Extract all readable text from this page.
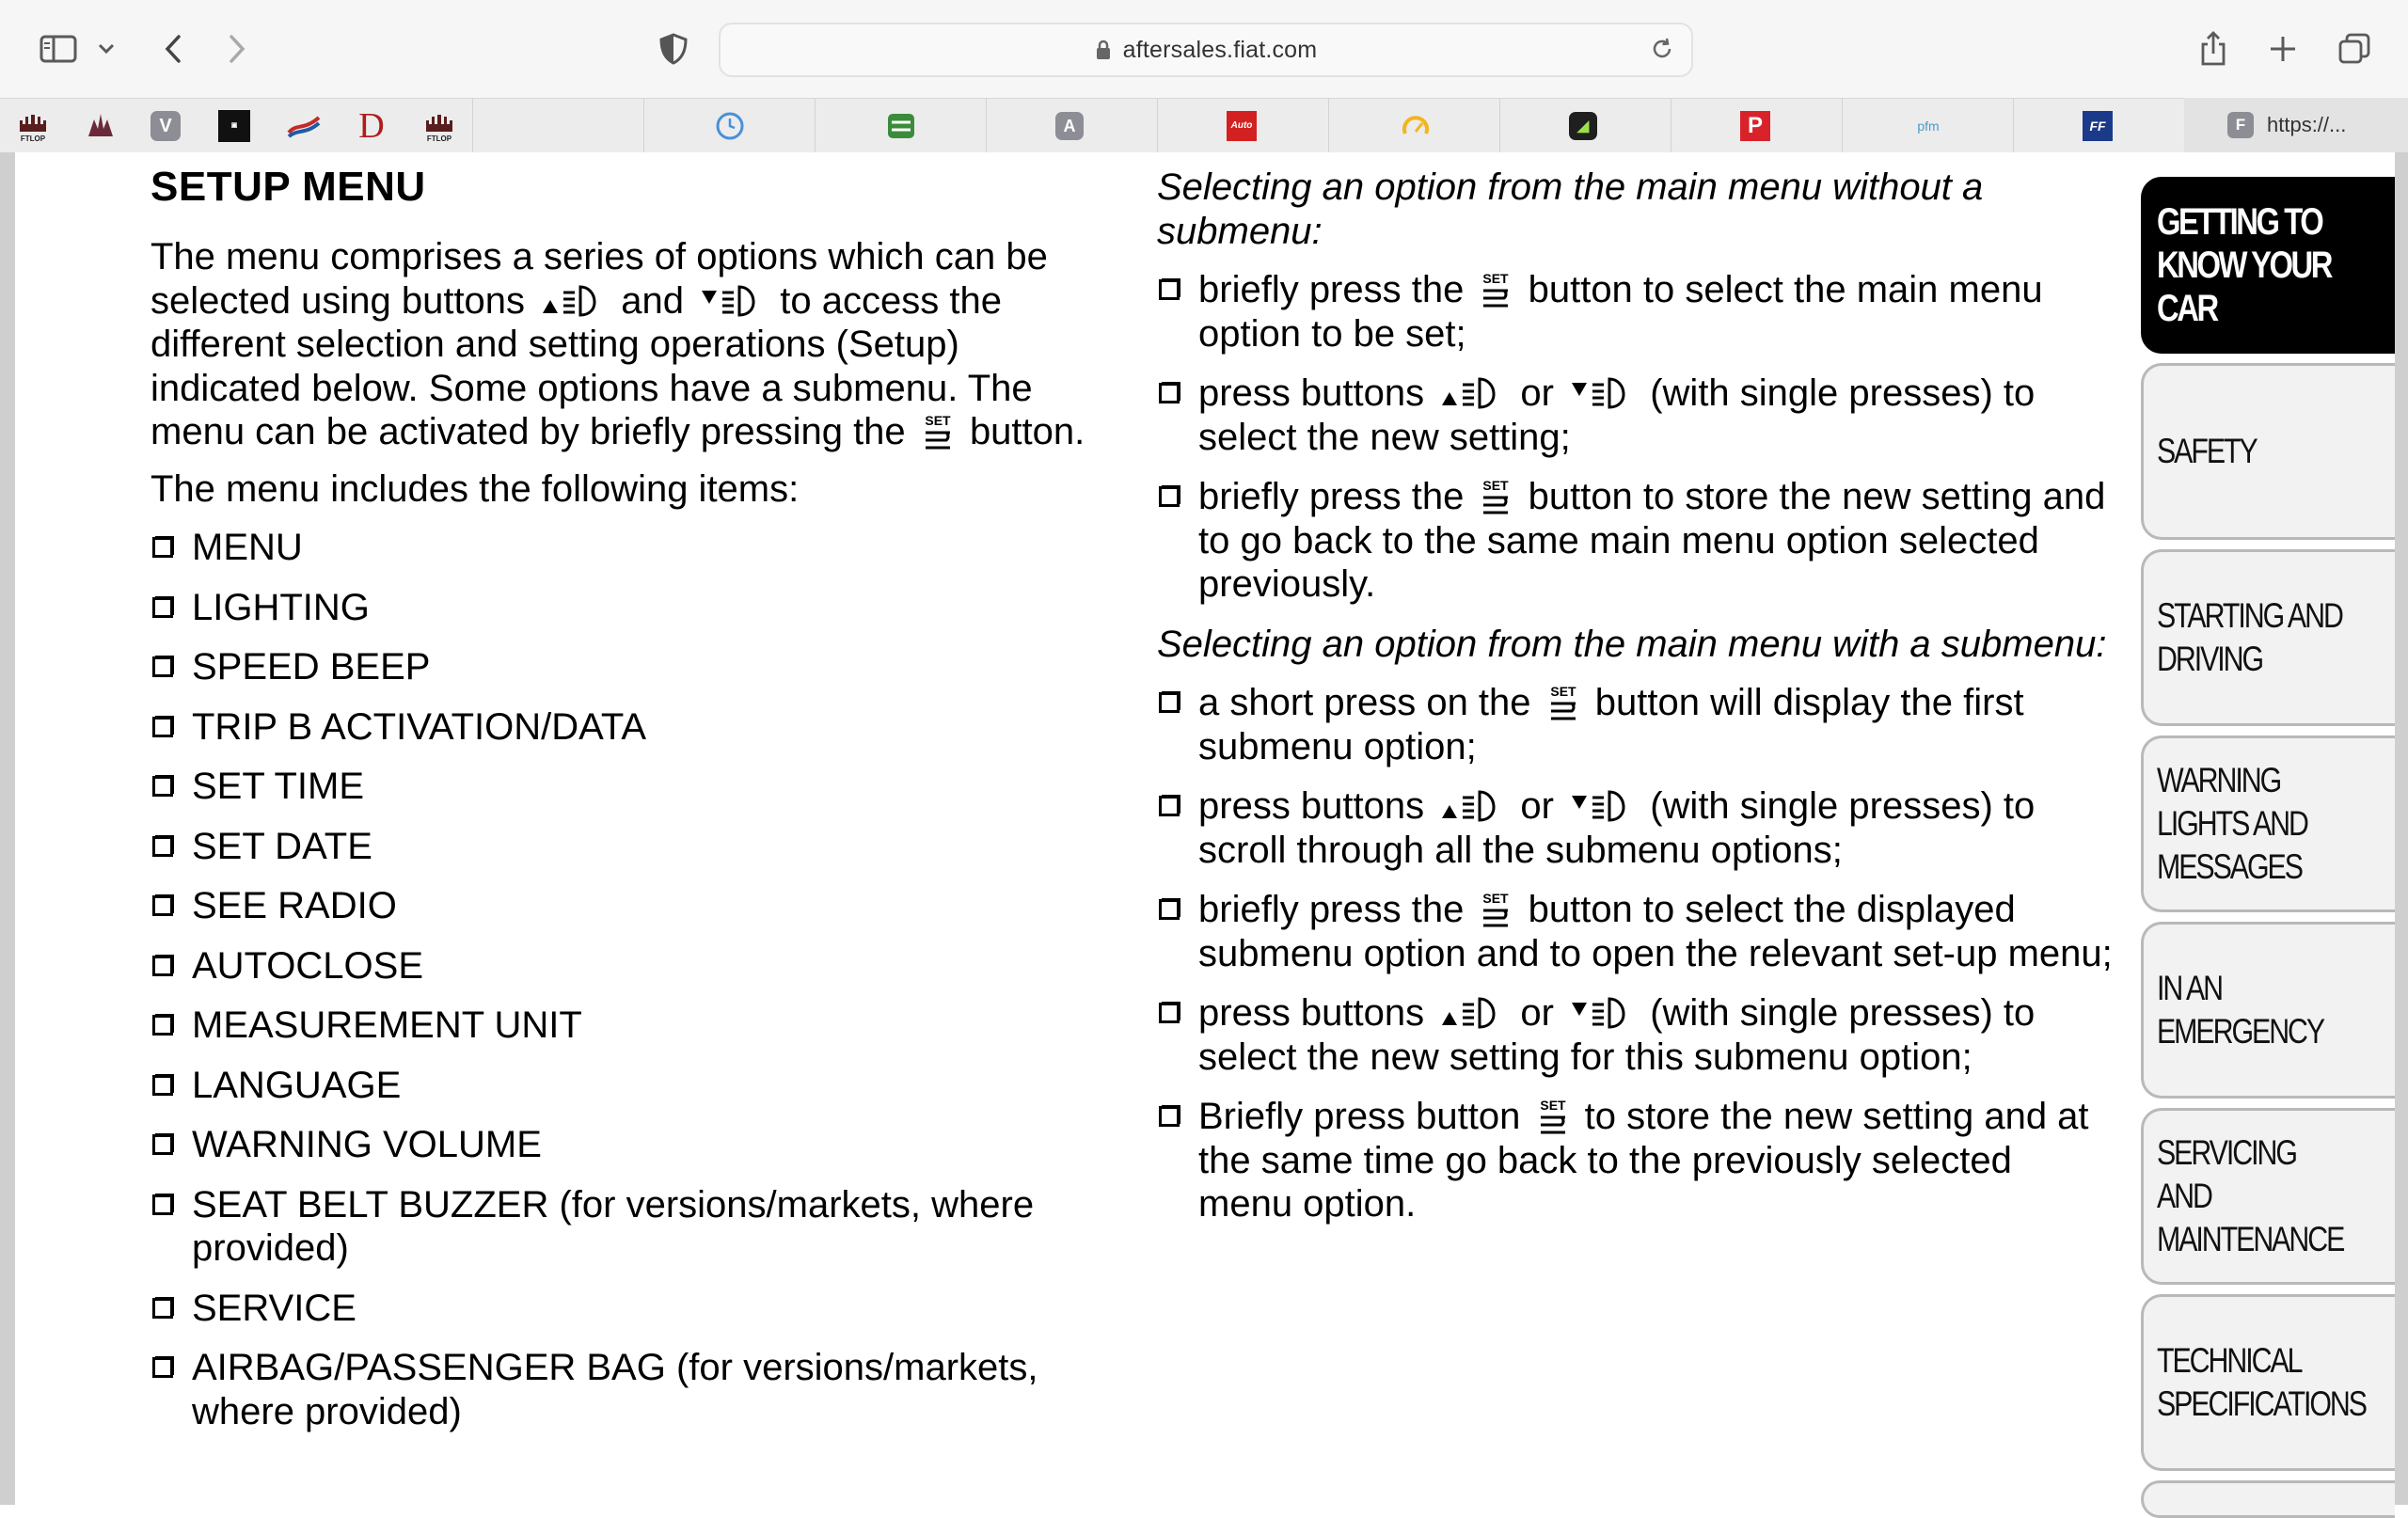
aftersales.fiat.com
FTLOP
V	▣	D	FTLOP
A	Auto	◢	P	pfm	FF	F	https://...
SETUP MENU

The menu comprises a series of options which can be selected using buttons	and	to access the different selection and setting operations (Setup) indicated below. Some options have a submenu. The menu can be activated by briefly pressing the SET button.

The menu includes the following items:

MENU
LIGHTING
SPEED BEEP
TRIP B ACTIVATION/DATA
SET TIME
SET DATE
SEE RADIO
AUTOCLOSE
MEASUREMENT UNIT
LANGUAGE
WARNING VOLUME
SEAT BELT BUZZER (for versions/markets, where provided)
SERVICE
AIRBAG/PASSENGER BAG (for versions/markets, where provided)

Selecting an option from the main menu without a submenu:

briefly press the SET button to select the main menu option to be set;
press buttons	or	(with single presses) to select the new setting;
briefly press the SET button to store the new setting and to go back to the same main menu option selected previously.

Selecting an option from the main menu with a submenu:

a short press on the SET button will display the first submenu option;
press buttons	or	(with single presses) to scroll through all the submenu options;
briefly press the SET button to select the displayed submenu option and to open the relevant set-up menu;
press buttons	or	(with single presses) to select the new setting for this submenu option;
Briefly press button SET to store the new setting and at the same time go back to the previously selected menu option.
GETTING TO KNOW YOUR CAR
SAFETY
STARTING AND DRIVING
WARNING LIGHTS AND MESSAGES
IN AN EMERGENCY
SERVICING AND MAINTENANCE
TECHNICAL SPECIFICATIONS
